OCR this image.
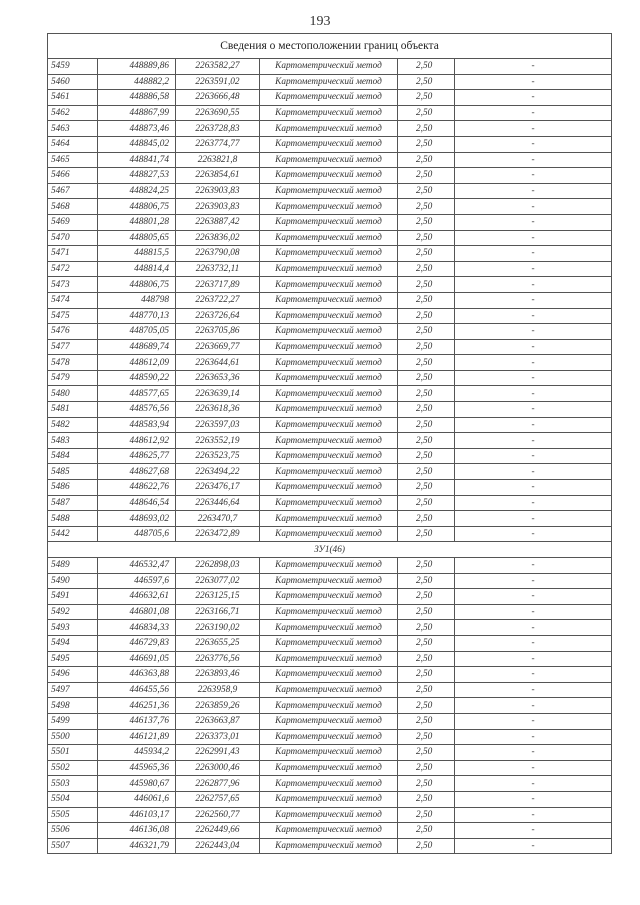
193
Сведения о местоположении границ объекта					
5459	448889,86	2263582,27	Картометрический метод	2,50	-
5460	448882,2	2263591,02	Картометрический метод	2,50	-
5461	448886,58	2263666,48	Картометрический метод	2,50	-
5462	448867,99	2263690,55	Картометрический метод	2,50	-
5463	448873,46	2263728,83	Картометрический метод	2,50	-
5464	448845,02	2263774,77	Картометрический метод	2,50	-
5465	448841,74	2263821,8	Картометрический метод	2,50	-
5466	448827,53	2263854,61	Картометрический метод	2,50	-
5467	448824,25	2263903,83	Картометрический метод	2,50	-
5468	448806,75	2263903,83	Картометрический метод	2,50	-
5469	448801,28	2263887,42	Картометрический метод	2,50	-
5470	448805,65	2263836,02	Картометрический метод	2,50	-
5471	448815,5	2263790,08	Картометрический метод	2,50	-
5472	448814,4	2263732,11	Картометрический метод	2,50	-
5473	448806,75	2263717,89	Картометрический метод	2,50	-
5474	448798	2263722,27	Картометрический метод	2,50	-
5475	448770,13	2263726,64	Картометрический метод	2,50	-
5476	448705,05	2263705,86	Картометрический метод	2,50	-
5477	448689,74	2263669,77	Картометрический метод	2,50	-
5478	448612,09	2263644,61	Картометрический метод	2,50	-
5479	448590,22	2263653,36	Картометрический метод	2,50	-
5480	448577,65	2263639,14	Картометрический метод	2,50	-
5481	448576,56	2263618,36	Картометрический метод	2,50	-
5482	448583,94	2263597,03	Картометрический метод	2,50	-
5483	448612,92	2263552,19	Картометрический метод	2,50	-
5484	448625,77	2263523,75	Картометрический метод	2,50	-
5485	448627,68	2263494,22	Картометрический метод	2,50	-
5486	448622,76	2263476,17	Картометрический метод	2,50	-
5487	448646,54	2263446,64	Картометрический метод	2,50	-
5488	448693,02	2263470,7	Картометрический метод	2,50	-
5442	448705,6	2263472,89	Картометрический метод	2,50	-
ЗУ1(46)					
5489	446532,47	2262898,03	Картометрический метод	2,50	-
5490	446597,6	2263077,02	Картометрический метод	2,50	-
5491	446632,61	2263125,15	Картометрический метод	2,50	-
5492	446801,08	2263166,71	Картометрический метод	2,50	-
5493	446834,33	2263190,02	Картометрический метод	2,50	-
5494	446729,83	2263655,25	Картометрический метод	2,50	-
5495	446691,05	2263776,56	Картометрический метод	2,50	-
5496	446363,88	2263893,46	Картометрический метод	2,50	-
5497	446455,56	2263958,9	Картометрический метод	2,50	-
5498	446251,36	2263859,26	Картометрический метод	2,50	-
5499	446137,76	2263663,87	Картометрический метод	2,50	-
5500	446121,89	2263373,01	Картометрический метод	2,50	-
5501	445934,2	2262991,43	Картометрический метод	2,50	-
5502	445965,36	2263000,46	Картометрический метод	2,50	-
5503	445980,67	2262877,96	Картометрический метод	2,50	-
5504	446061,6	2262757,65	Картометрический метод	2,50	-
5505	446103,17	2262560,77	Картометрический метод	2,50	-
5506	446136,08	2262449,66	Картометрический метод	2,50	-
5507	446321,79	2262443,04	Картометрический метод	2,50	-
